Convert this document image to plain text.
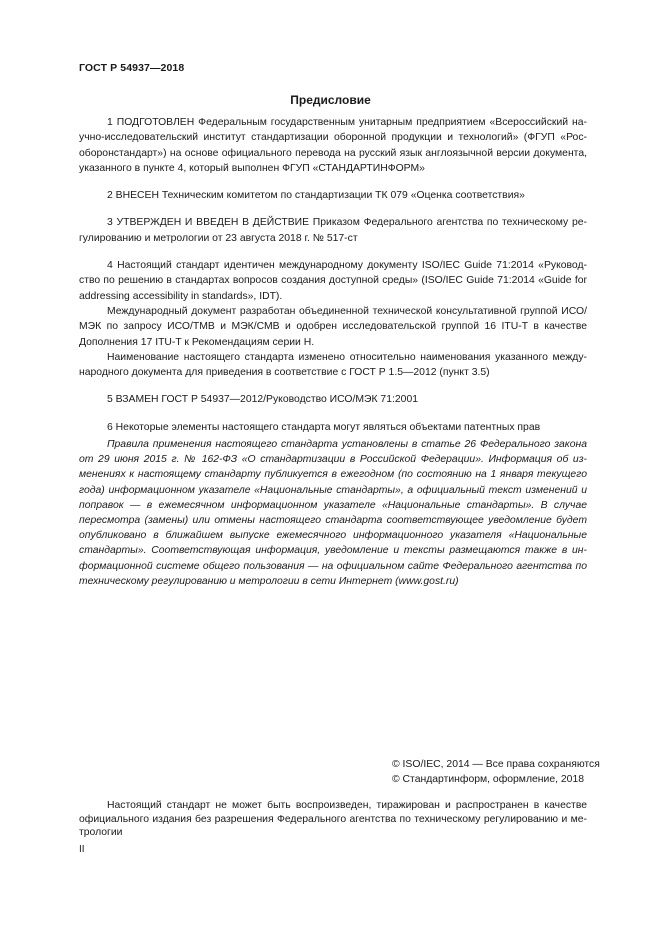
ГОСТ Р 54937—2018
Предисловие

1 ПОДГОТОВЛЕН Федеральным государственным унитарным предприятием «Всероссийский научно-исследовательский институт стандартизации оборонной продукции и технологий» (ФГУП «Рособоронстандарт») на основе официального перевода на русский язык англоязычной версии документа, указанного в пункте 4, который выполнен ФГУП «СТАНДАРТИНФОРМ»

2 ВНЕСЕН Техническим комитетом по стандартизации ТК 079 «Оценка соответствия»

3 УТВЕРЖДЕН И ВВЕДЕН В ДЕЙСТВИЕ Приказом Федерального агентства по техническому регулированию и метрологии от 23 августа 2018 г. № 517-ст

4 Настоящий стандарт идентичен международному документу ISO/IEC Guide 71:2014 «Руководство по решению в стандартах вопросов создания доступной среды» (ISO/IEC Guide 71:2014 «Guide for addressing accessibility in standards», IDT).

Международный документ разработан объединенной технической консультативной группой ИСО/МЭК по запросу ИСО/ТМВ и МЭК/СМВ и одобрен исследовательской группой 16 ITU-T в качестве Дополнения 17 ITU-T к Рекомендациям серии Н.

Наименование настоящего стандарта изменено относительно наименования указанного международного документа для приведения в соответствие с ГОСТ Р 1.5—2012 (пункт 3.5)

5 ВЗАМЕН ГОСТ Р 54937—2012/Руководство ИСО/МЭК 71:2001

6 Некоторые элементы настоящего стандарта могут являться объектами патентных прав

Правила применения настоящего стандарта установлены в статье 26 Федерального закона от 29 июня 2015 г. № 162-ФЗ «О стандартизации в Российской Федерации». Информация об изменениях к настоящему стандарту публикуется в ежегодном (по состоянию на 1 января текущего года) информационном указателе «Национальные стандарты», а официальный текст изменений и поправок — в ежемесячном информационном указателе «Национальные стандарты». В случае пересмотра (замены) или отмены настоящего стандарта соответствующее уведомление будет опубликовано в ближайшем выпуске ежемесячного информационного указателя «Национальные стандарты». Соответствующая информация, уведомление и тексты размещаются также в информационной системе общего пользования — на официальном сайте Федерального агентства по техническому регулированию и метрологии в сети Интернет (www.gost.ru)

© ISO/IEC, 2014 — Все права сохраняются
© Стандартинформ, оформление, 2018

Настоящий стандарт не может быть воспроизведен, тиражирован и распространен в качестве официального издания без разрешения Федерального агентства по техническому регулированию и метрологии

II
